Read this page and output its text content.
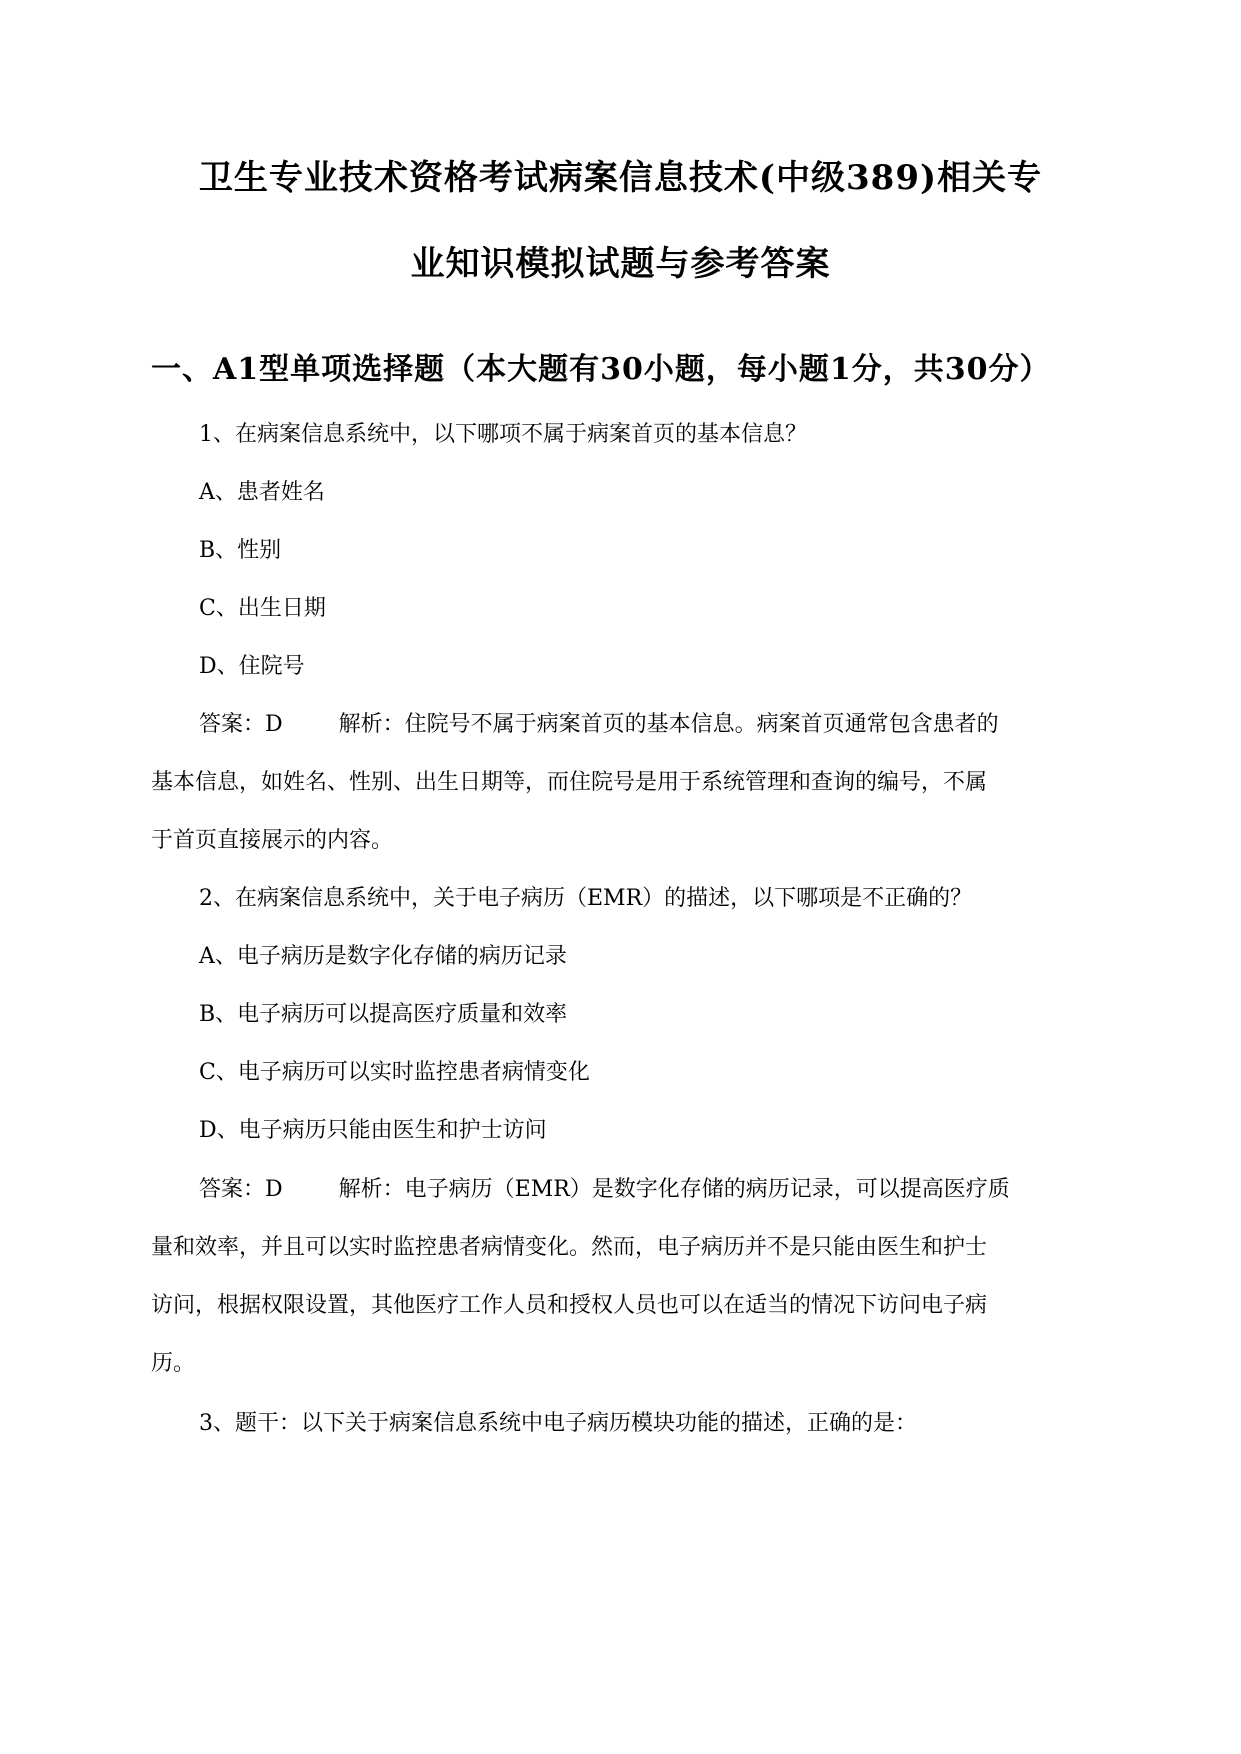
卫生专业技术资格考试病案信息技术(中级389)相关专
业知识模拟试题与参考答案
一、A1型单项选择题（本大题有30小题，每小题1分，共30分）
1、在病案信息系统中，以下哪项不属于病案首页的基本信息？
A、患者姓名
B、性别
C、出生日期
D、住院号
答案：D	解析：住院号不属于病案首页的基本信息。病案首页通常包含患者的
基本信息，如姓名、性别、出生日期等，而住院号是用于系统管理和查询的编号，不属
于首页直接展示的内容。
2、在病案信息系统中，关于电子病历（EMR）的描述，以下哪项是不正确的？
A、电子病历是数字化存储的病历记录
B、电子病历可以提高医疗质量和效率
C、电子病历可以实时监控患者病情变化
D、电子病历只能由医生和护士访问
答案：D	解析：电子病历（EMR）是数字化存储的病历记录，可以提高医疗质
量和效率，并且可以实时监控患者病情变化。然而，电子病历并不是只能由医生和护士
访问，根据权限设置，其他医疗工作人员和授权人员也可以在适当的情况下访问电子病
历。
3、题干：以下关于病案信息系统中电子病历模块功能的描述，正确的是：
